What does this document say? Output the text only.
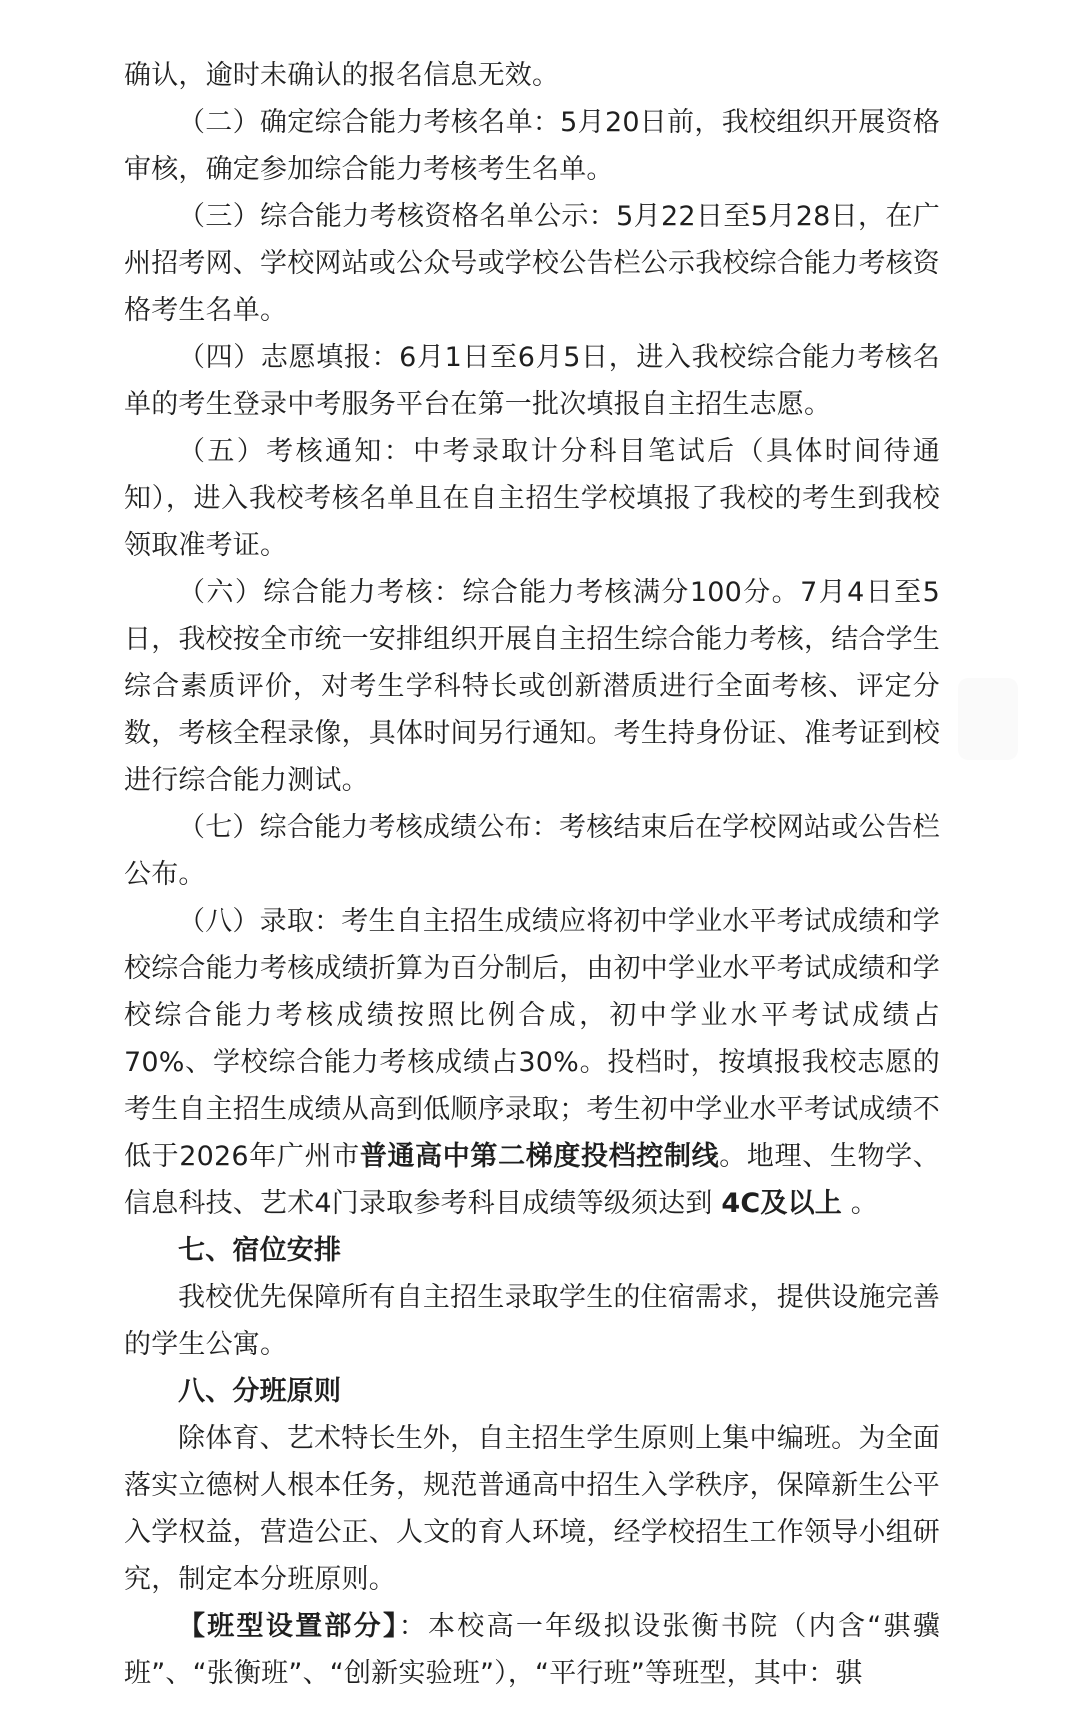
确认，逾时未确认的报名信息无效。

（二）确定综合能力考核名单：5月20日前，我校组织开展资格审核，确定参加综合能力考核考生名单。

（三）综合能力考核资格名单公示：5月22日至5月28日，在广州招考网、学校网站或公众号或学校公告栏公示我校综合能力考核资格考生名单。

（四）志愿填报：6月1日至6月5日，进入我校综合能力考核名单的考生登录中考服务平台在第一批次填报自主招生志愿。

（五）考核通知：中考录取计分科目笔试后（具体时间待通知），进入我校考核名单且在自主招生学校填报了我校的考生到我校领取准考证。

（六）综合能力考核：综合能力考核满分100分。7月4日至5日，我校按全市统一安排组织开展自主招生综合能力考核，结合学生综合素质评价，对考生学科特长或创新潜质进行全面考核、评定分数，考核全程录像，具体时间另行通知。考生持身份证、准考证到校进行综合能力测试。

（七）综合能力考核成绩公布：考核结束后在学校网站或公告栏公布。

（八）录取：考生自主招生成绩应将初中学业水平考试成绩和学校综合能力考核成绩折算为百分制后，由初中学业水平考试成绩和学校综合能力考核成绩按照比例合成，初中学业水平考试成绩占70%、学校综合能力考核成绩占30%。投档时，按填报我校志愿的考生自主招生成绩从高到低顺序录取；考生初中学业水平考试成绩不低于2026年广州市普通高中第二梯度投档控制线。地理、生物学、信息科技、艺术4门录取参考科目成绩等级须达到 4C及以上 。

七、宿位安排

我校优先保障所有自主招生录取学生的住宿需求，提供设施完善的学生公寓。

八、分班原则

除体育、艺术特长生外，自主招生学生原则上集中编班。为全面落实立德树人根本任务，规范普通高中招生入学秩序，保障新生公平入学权益，营造公正、人文的育人环境，经学校招生工作领导小组研究，制定本分班原则。

【班型设置部分】：本校高一年级拟设张衡书院（内含“骐骥班”、“张衡班”、“创新实验班”），“平行班”等班型，其中：骐
